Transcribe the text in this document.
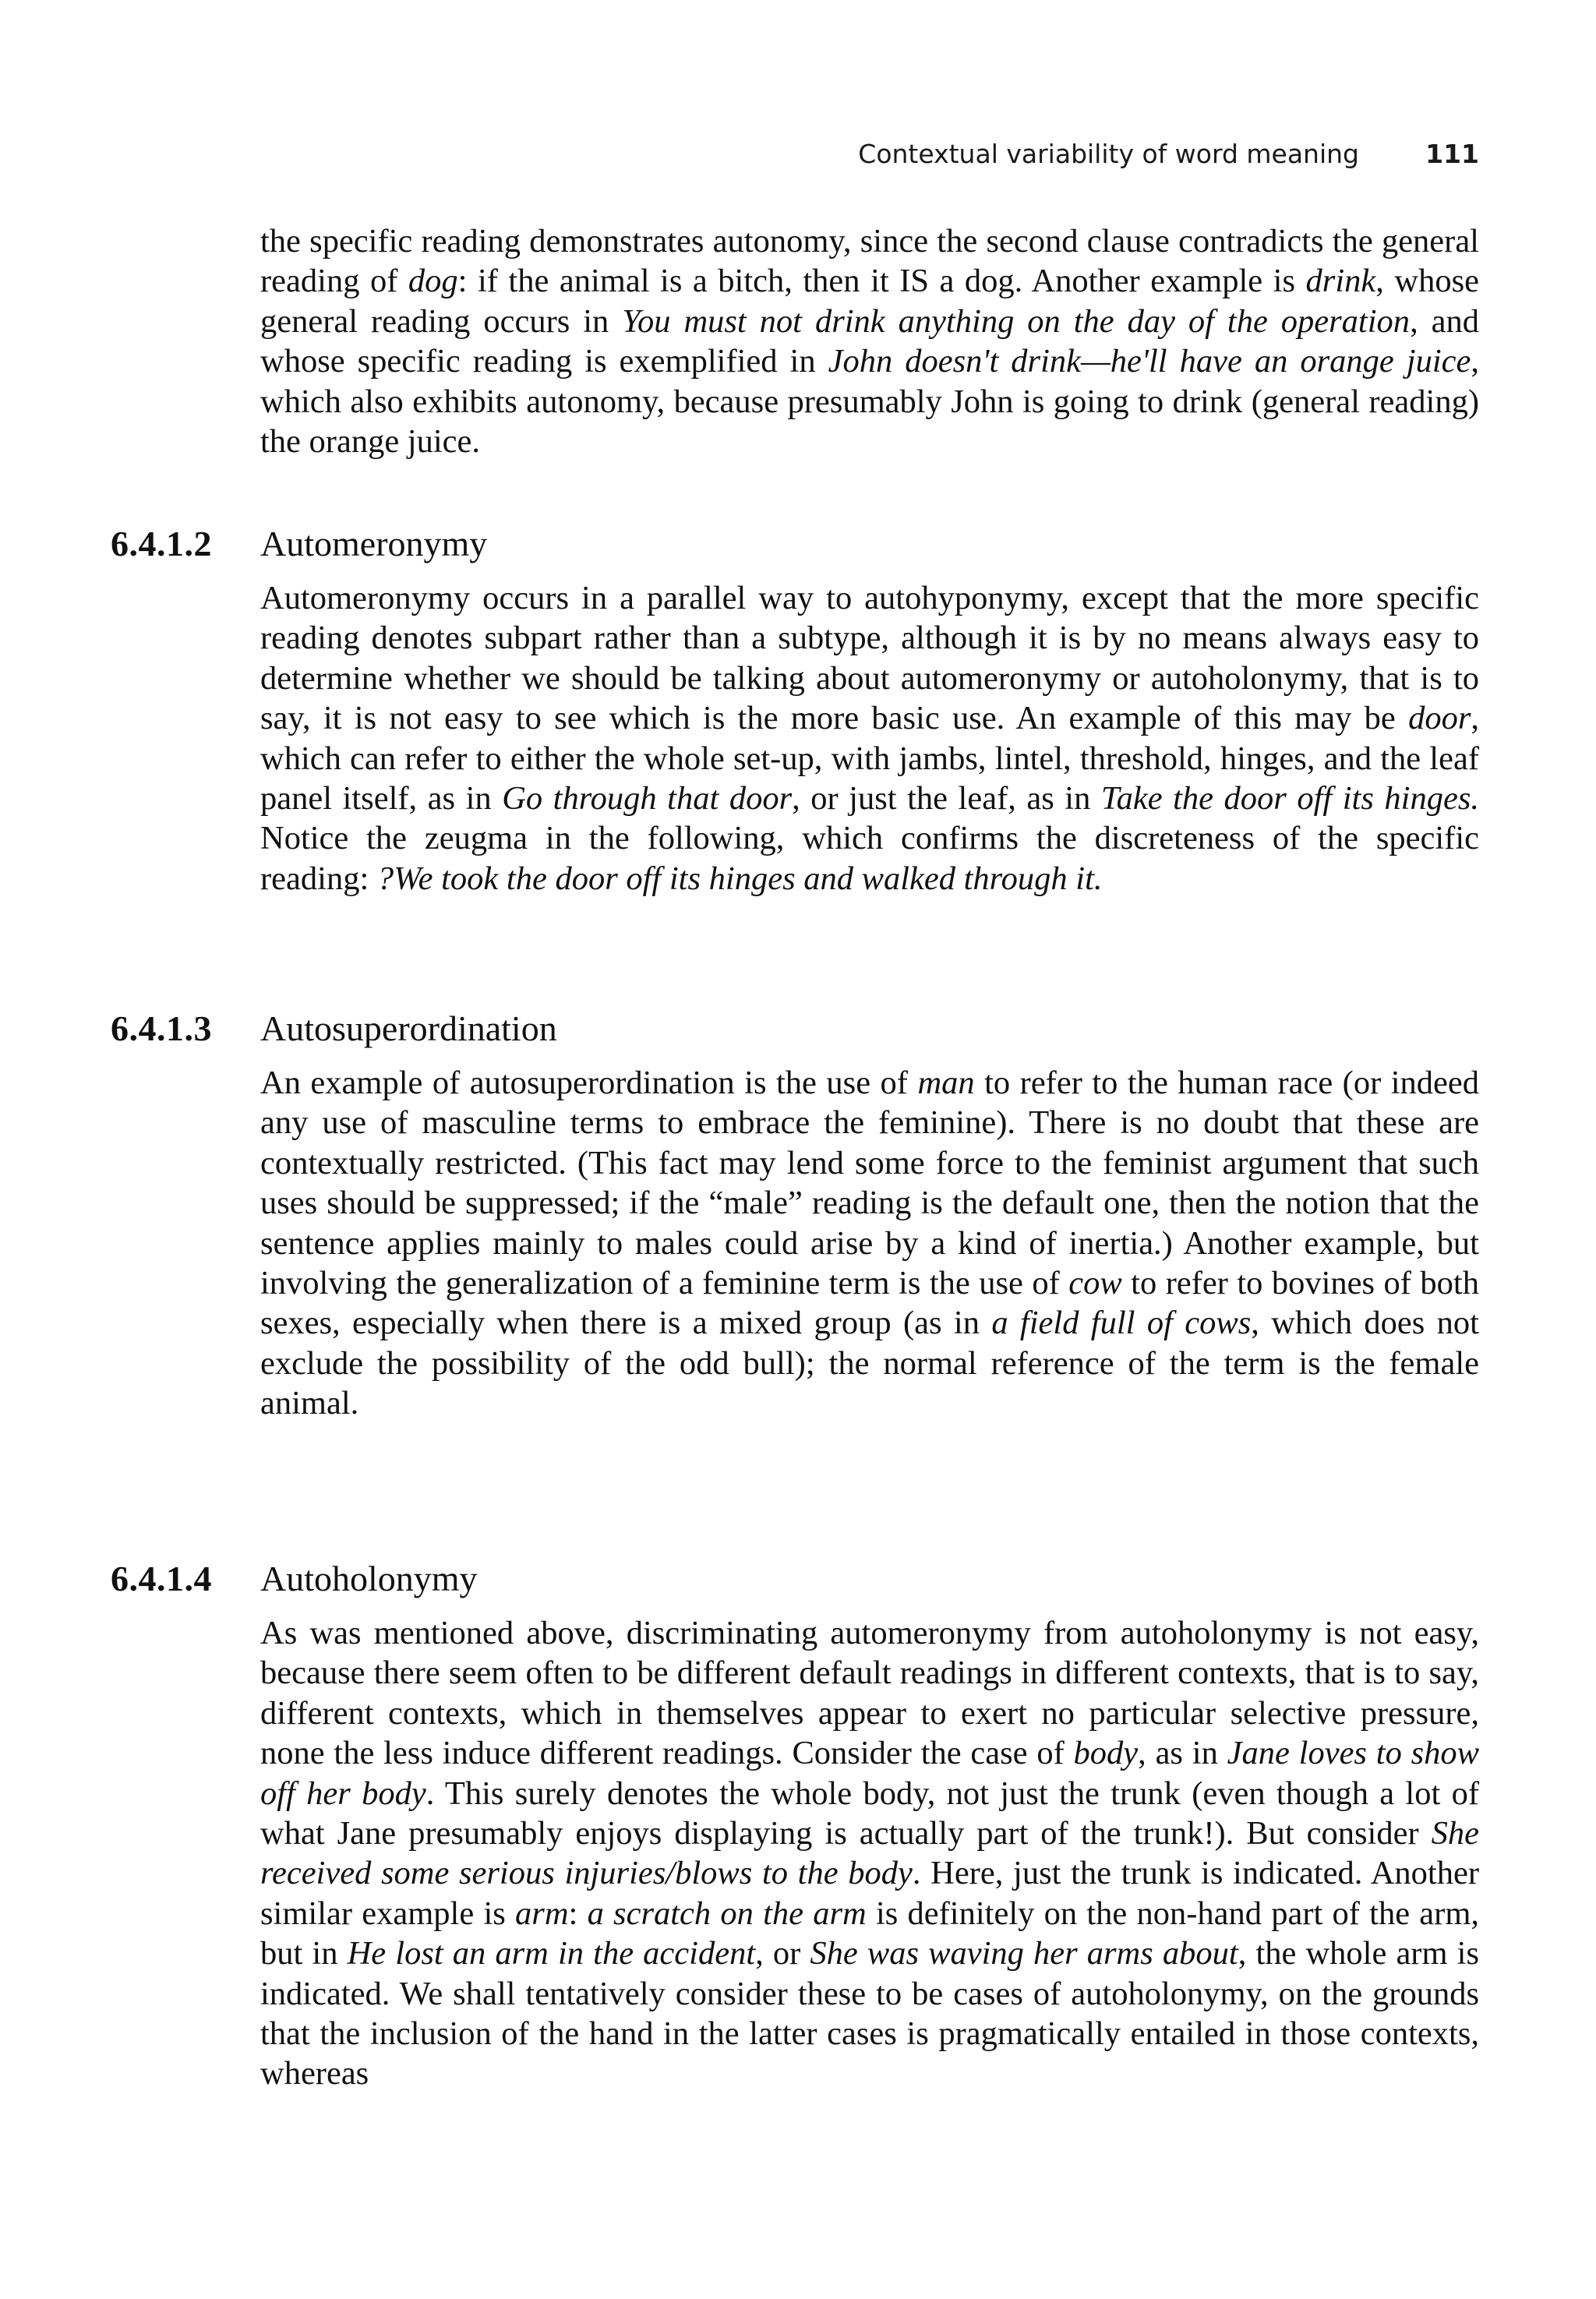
Contextual variability of word meaning	111

the specific reading demonstrates autonomy, since the second clause contradicts the general reading of dog: if the animal is a bitch, then it IS a dog. Another example is drink, whose general reading occurs in You must not drink anything on the day of the operation, and whose specific reading is exemplified in John doesn't drink—he'll have an orange juice, which also exhibits autonomy, because presumably John is going to drink (general reading) the orange juice.

6.4.1.2 Automeronymy

Automeronymy occurs in a parallel way to autohyponymy, except that the more specific reading denotes subpart rather than a subtype, although it is by no means always easy to determine whether we should be talking about automeronymy or autoholonymy, that is to say, it is not easy to see which is the more basic use. An example of this may be door, which can refer to either the whole set-up, with jambs, lintel, threshold, hinges, and the leaf panel itself, as in Go through that door, or just the leaf, as in Take the door off its hinges. Notice the zeugma in the following, which confirms the discreteness of the specific reading: ?We took the door off its hinges and walked through it.

6.4.1.3 Autosuperordination

An example of autosuperordination is the use of man to refer to the human race (or indeed any use of masculine terms to embrace the feminine). There is no doubt that these are contextually restricted. (This fact may lend some force to the feminist argument that such uses should be suppressed; if the “male” reading is the default one, then the notion that the sentence applies mainly to males could arise by a kind of inertia.) Another example, but involving the generalization of a feminine term is the use of cow to refer to bovines of both sexes, especially when there is a mixed group (as in a field full of cows, which does not exclude the possibility of the odd bull); the normal reference of the term is the female animal.

6.4.1.4 Autoholonymy

As was mentioned above, discriminating automeronymy from autoholonymy is not easy, because there seem often to be different default readings in different contexts, that is to say, different contexts, which in themselves appear to exert no particular selective pressure, none the less induce different readings. Consider the case of body, as in Jane loves to show off her body. This surely denotes the whole body, not just the trunk (even though a lot of what Jane presumably enjoys displaying is actually part of the trunk!). But consider She received some serious injuries/blows to the body. Here, just the trunk is indicated. Another similar example is arm: a scratch on the arm is definitely on the non-hand part of the arm, but in He lost an arm in the accident, or She was waving her arms about, the whole arm is indicated. We shall tentatively consider these to be cases of autoholonymy, on the grounds that the inclusion of the hand in the latter cases is pragmatically entailed in those contexts, whereas
